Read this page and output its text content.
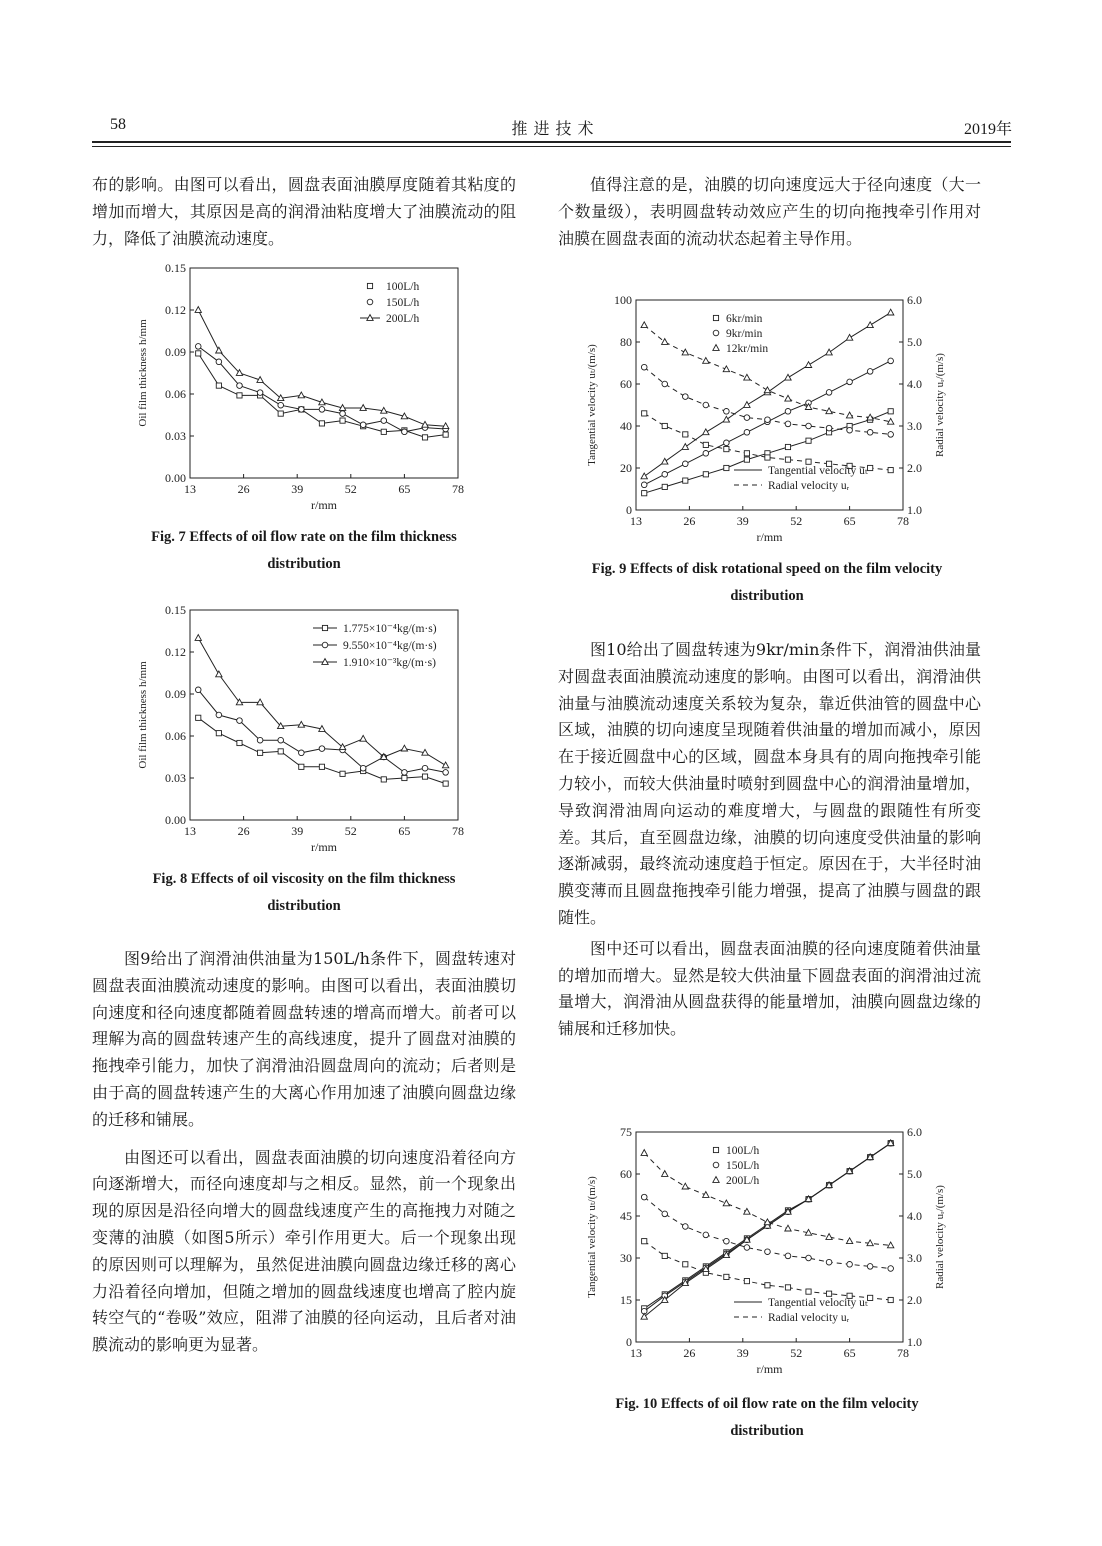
58	推 进 技 术	2019年

布的影响。由图可以看出，圆盘表面油膜厚度随着其粘度的增加而增大，其原因是高的润滑油粘度增大了油膜流动的阻力，降低了油膜流动速度。

图9给出了润滑油供油量为150L/h条件下，圆盘转速对圆盘表面油膜流动速度的影响。由图可以看出，表面油膜切向速度和径向速度都随着圆盘转速的增高而增大。前者可以理解为高的圆盘转速产生的高线速度，提升了圆盘对油膜的拖拽牵引能力，加快了润滑油沿圆盘周向的流动；后者则是由于高的圆盘转速产生的大离心作用加速了油膜向圆盘边缘的迁移和铺展。

由图还可以看出，圆盘表面油膜的切向速度沿着径向方向逐渐增大，而径向速度却与之相反。显然，前一个现象出现的原因是沿径向增大的圆盘线速度产生的高拖拽力对随之变薄的油膜（如图5所示）牵引作用更大。后一个现象出现的原因则可以理解为，虽然促进油膜向圆盘边缘迁移的离心力沿着径向增加，但随之增加的圆盘线速度也增高了腔内旋转空气的“卷吸”效应，阻滞了油膜的径向运动，且后者对油膜流动的影响更为显著。

值得注意的是，油膜的切向速度远大于径向速度（大一个数量级），表明圆盘转动效应产生的切向拖拽牵引作用对油膜在圆盘表面的流动状态起着主导作用。

图10给出了圆盘转速为9kr/min条件下，润滑油供油量对圆盘表面油膜流动速度的影响。由图可以看出，润滑油供油量与油膜流动速度关系较为复杂，靠近供油管的圆盘中心区域，油膜的切向速度呈现随着供油量的增加而减小，原因在于接近圆盘中心的区域，圆盘本身具有的周向拖拽牵引能力较小，而较大供油量时喷射到圆盘中心的润滑油量增加，导致润滑油周向运动的难度增大，与圆盘的跟随性有所变差。其后，直至圆盘边缘，油膜的切向速度受供油量的影响逐渐减弱，最终流动速度趋于恒定。原因在于，大半径时油膜变薄而且圆盘拖拽牵引能力增强，提高了油膜与圆盘的跟随性。

图中还可以看出，圆盘表面油膜的径向速度随着供油量的增加而增大。显然是较大供油量下圆盘表面的润滑油过流量增大，润滑油从圆盘获得的能量增加，油膜向圆盘边缘的铺展和迁移加快。

13	26	39	52	65	78
0.00
0.03
0.06
0.09
0.12
0.15
r/mm
Oil film thickness h/mm
100L/h
150L/h
200L/h
Fig. 7 Effects of oil flow rate on the film thickness
distribution
13	26	39	52	65	78
0.00
0.03
0.06
0.09
0.12
0.15
r/mm
Oil film thickness h/mm
1.775×10⁻⁴kg/(m·s)
9.550×10⁻⁴kg/(m·s)
1.910×10⁻³kg/(m·s)
Fig. 8 Effects of oil viscosity on the film thickness
distribution
13	26	39	52	65	78
0
20
40
60
80
100
1.0
2.0
3.0
4.0
5.0
6.0
r/mm
Tangential velocity uₜ/(m/s)	Radial velocity uᵣ/(m/s)
6kr/min
9kr/min
12kr/min
Tangential velocity uₜ
Radial velocity uᵣ
Fig. 9 Effects of disk rotational speed on the film velocity
distribution
13	26	39	52	65	78
0
15
30
45
60
75
1.0
2.0
3.0
4.0
5.0
6.0
r/mm
Tangential velocity uₜ/(m/s)	Radial velocity uᵣ/(m/s)
100L/h
150L/h
200L/h
Tangential velocity uₜ
Radial velocity uᵣ
Fig. 10 Effects of oil flow rate on the film velocity
distribution
